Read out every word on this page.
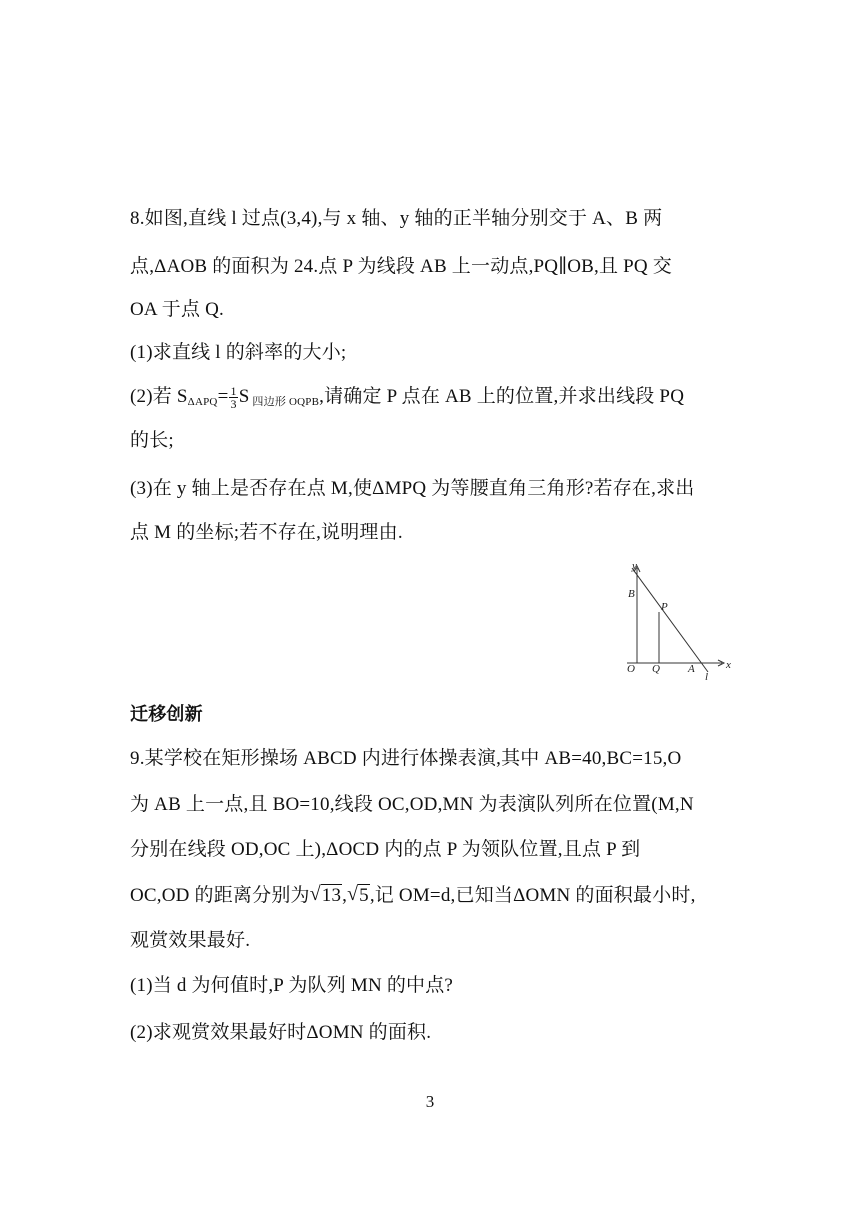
8.如图,直线 l 过点(3,4),与 x 轴、y 轴的正半轴分别交于 A、B 两
点,ΔAOB 的面积为 24.点 P 为线段 AB 上一动点,PQ∥OB,且 PQ 交
OA 于点 Q.
(1)求直线 l 的斜率的大小;
(2)若 $S_{\Delta APQ}= \frac{1}{3}$ S $_{四边形 OQPB}$,请确定 P 点在 AB 上的位置,并求出线段 PQ
的长;
(3)在 y 轴上是否存在点 M,使ΔMPQ 为等腰直角三角形?若存在,求出
点 M 的坐标;若不存在,说明理由.
y
x
B
P
O Q	A
l
迁移创新
9.某学校在矩形操场 ABCD 内进行体操表演,其中 AB=40,BC=15,O
为 AB 上一点,且 BO=10,线段 OC,OD,MN 为表演队列所在位置(M,N
分别在线段 OD,OC 上),ΔOCD 内的点 P 为领队位置,且点 P 到
OC,OD 的距离分别为 √ 13, √ 5,记 OM=d,已知当ΔOMN 的面积最小时,
观赏效果最好.
(1)当 d 为何值时,P 为队列 MN 的中点?
(2)求观赏效果最好时ΔOMN 的面积.
3
